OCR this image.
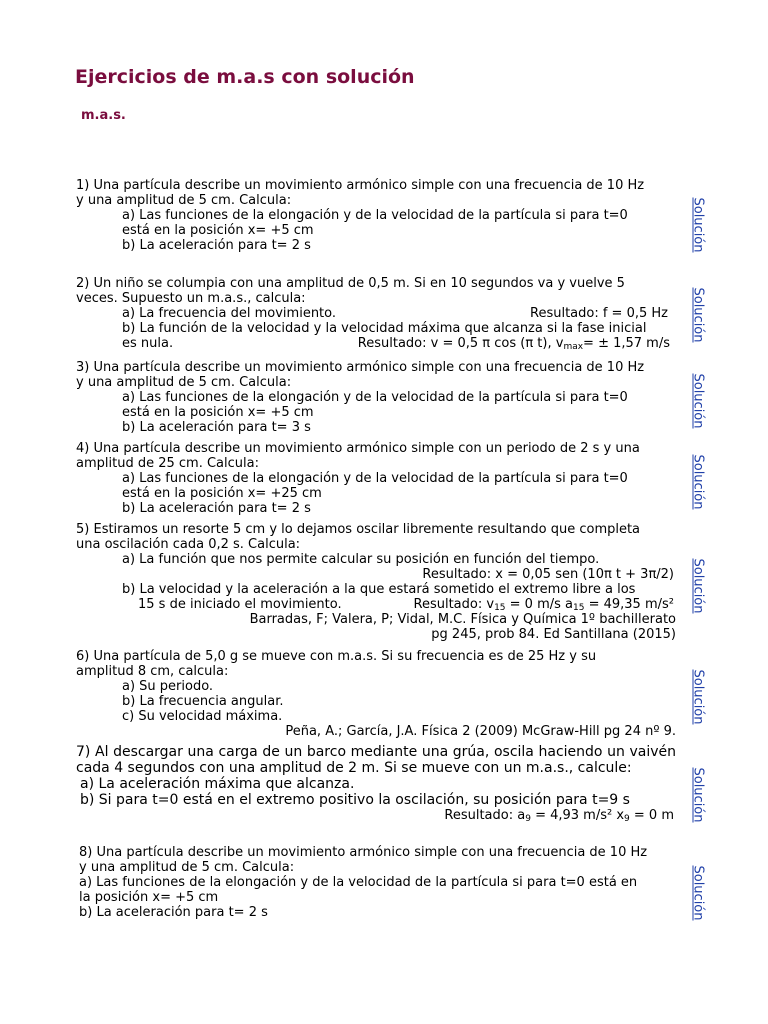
Ejercicios de m.a.s con solución
m.a.s.
1) Una partícula describe un movimiento armónico simple con una frecuencia de 10 Hz
y una amplitud de 5 cm. Calcula:
a) Las funciones de la elongación y de la velocidad de la partícula si para t=0
está en la posición x= +5 cm
b) La aceleración para t= 2 s	Solución
2) Un niño se columpia con una amplitud de 0,5 m. Si en 10 segundos va y vuelve 5
veces. Supuesto un m.a.s., calcula:
a) La frecuencia del movimiento.	Resultado: f = 0,5 Hz
b) La función de la velocidad y la velocidad máxima que alcanza si la fase inicial
es nula.	Resultado: v = 0,5 π cos (π t), $v_{max}= \pm 1,57$ m/s
Solución
3) Una partícula describe un movimiento armónico simple con una frecuencia de 10 Hz
y una amplitud de 5 cm. Calcula:
a) Las funciones de la elongación y de la velocidad de la partícula si para t=0
está en la posición x= +5 cm
b) La aceleración para t= 3 s	Solución
4) Una partícula describe un movimiento armónico simple con un periodo de 2 s y una
amplitud de 25 cm. Calcula:
a) Las funciones de la elongación y de la velocidad de la partícula si para t=0
está en la posición x= +25 cm
b) La aceleración para t= 2 s	Solución
5) Estiramos un resorte 5 cm y lo dejamos oscilar libremente resultando que completa
una oscilación cada 0,2 s. Calcula:
a) La función que nos permite calcular su posición en función del tiempo.
Resultado: x = 0,05 sen (10π t + 3π/2)
b) La velocidad y la aceleración a la que estará sometido el extremo libre a los
15 s de iniciado el movimiento.	Resultado: $v_{15} = 0$ m/s $a_{15} = 49,35$ m/s²
Barradas, F; Valera, P; Vidal, M.C. Física y Química 1º bachillerato
pg 245, prob 84. Ed Santillana (2015)
Solución
6) Una partícula de 5,0 g se mueve con m.a.s. Si su frecuencia es de 25 Hz y su
amplitud 8 cm, calcula:
a) Su periodo.
b) La frecuencia angular.
c) Su velocidad máxima.
Peña, A.; García, J.A. Física 2 (2009) McGraw-Hill pg 24 nº 9.
Solución
7) Al descargar una carga de un barco mediante una grúa, oscila haciendo un vaivén cada 4 segundos con una amplitud de 2 m. Si se mueve con un m.a.s., calcule:
a) La aceleración máxima que alcanza.
b) Si para t=0 está en el extremo positivo la oscilación, su posición para t=9 s
Resultado: $a_9 = 4,93$ m/s² $x_9 = 0$ m Solución
8) Una partícula describe un movimiento armónico simple con una frecuencia de 10 Hz
y una amplitud de 5 cm. Calcula:
a) Las funciones de la elongación y de la velocidad de la partícula si para t=0 está en
la posición x= +5 cm
b) La aceleración para t= 2 s	Solución
